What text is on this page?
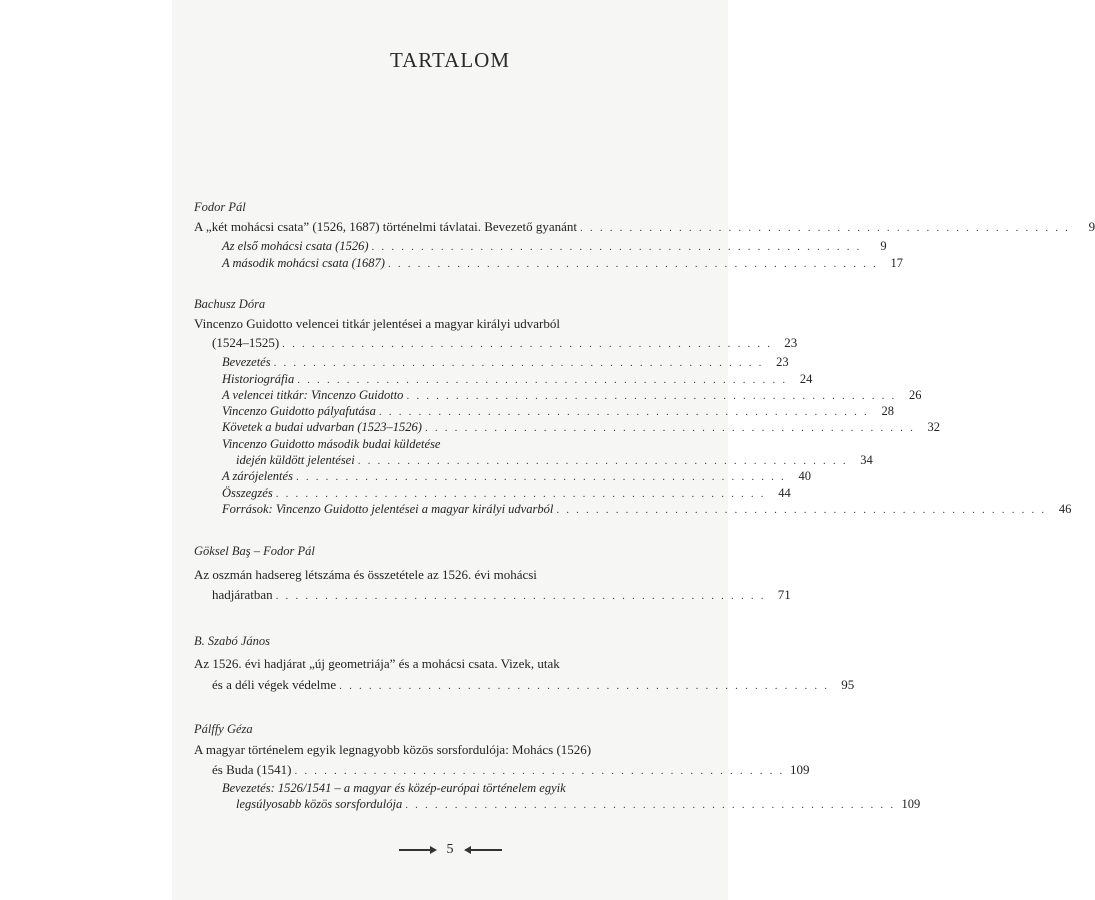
TARTALOM
Fodor Pál
A „két mohácsi csata” (1526, 1687) történelmi távlatai. Bevezető gyanánt . . . . . . . . . . . . . . . . . . . . . . . . . . . . . . . . . . . . . . . . . . . . . . . . . .	9
Az első mohácsi csata (1526) . . . . . . . . . . . . . . . . . . . . . . . . . . . . . . . . . . . . . . . . . . . . . . . . . .	9
A második mohácsi csata (1687) . . . . . . . . . . . . . . . . . . . . . . . . . . . . . . . . . . . . . . . . . . . . . . . . . .	17
Bachusz Dóra
Vincenzo Guidotto velencei titkár jelentései a magyar királyi udvarból
(1524–1525) . . . . . . . . . . . . . . . . . . . . . . . . . . . . . . . . . . . . . . . . . . . . . . . . . . 23
Bevezetés . . . . . . . . . . . . . . . . . . . . . . . . . . . . . . . . . . . . . . . . . . . . . . . . . .	23
Historiográfia . . . . . . . . . . . . . . . . . . . . . . . . . . . . . . . . . . . . . . . . . . . . . . . . . .	24
A velencei titkár: Vincenzo Guidotto . . . . . . . . . . . . . . . . . . . . . . . . . . . . . . . . . . . . . . . . . . . . . . . . . .	26
Vincenzo Guidotto pályafutása . . . . . . . . . . . . . . . . . . . . . . . . . . . . . . . . . . . . . . . . . . . . . . . . . .	28
Követek a budai udvarban (1523–1526) . . . . . . . . . . . . . . . . . . . . . . . . . . . . . . . . . . . . . . . . . . . . . . . . . .	32
Vincenzo Guidotto második budai küldetése
idején küldött jelentései . . . . . . . . . . . . . . . . . . . . . . . . . . . . . . . . . . . . . . . . . . . . . . . . . .	34
A zárójelentés . . . . . . . . . . . . . . . . . . . . . . . . . . . . . . . . . . . . . . . . . . . . . . . . . .	40
Összegzés . . . . . . . . . . . . . . . . . . . . . . . . . . . . . . . . . . . . . . . . . . . . . . . . . .	44
Források: Vincenzo Guidotto jelentései a magyar királyi udvarból . . . . . . . . . . . . . . . . . . . . . . . . . . . . . . . . . . . . . . . . . . . . . . . . . .	46
Göksel Baş – Fodor Pál
Az oszmán hadsereg létszáma és összetétele az 1526. évi mohácsi
hadjáratban . . . . . . . . . . . . . . . . . . . . . . . . . . . . . . . . . . . . . . . . . . . . . . . . . . 71
B. Szabó János
Az 1526. évi hadjárat „új geometriája” és a mohácsi csata. Vizek, utak
és a déli végek védelme . . . . . . . . . . . . . . . . . . . . . . . . . . . . . . . . . . . . . . . . . . . . . . . . . . 95
Pálffy Géza
A magyar történelem egyik legnagyobb közös sorsfordulója: Mohács (1526)
és Buda (1541) . . . . . . . . . . . . . . . . . . . . . . . . . . . . . . . . . . . . . . . . . . . . . . . . . . 109
Bevezetés: 1526/1541 – a magyar és közép-európai történelem egyik
legsúlyosabb közös sorsfordulója . . . . . . . . . . . . . . . . . . . . . . . . . . . . . . . . . . . . . . . . . . . . . . . . . . 109
5
